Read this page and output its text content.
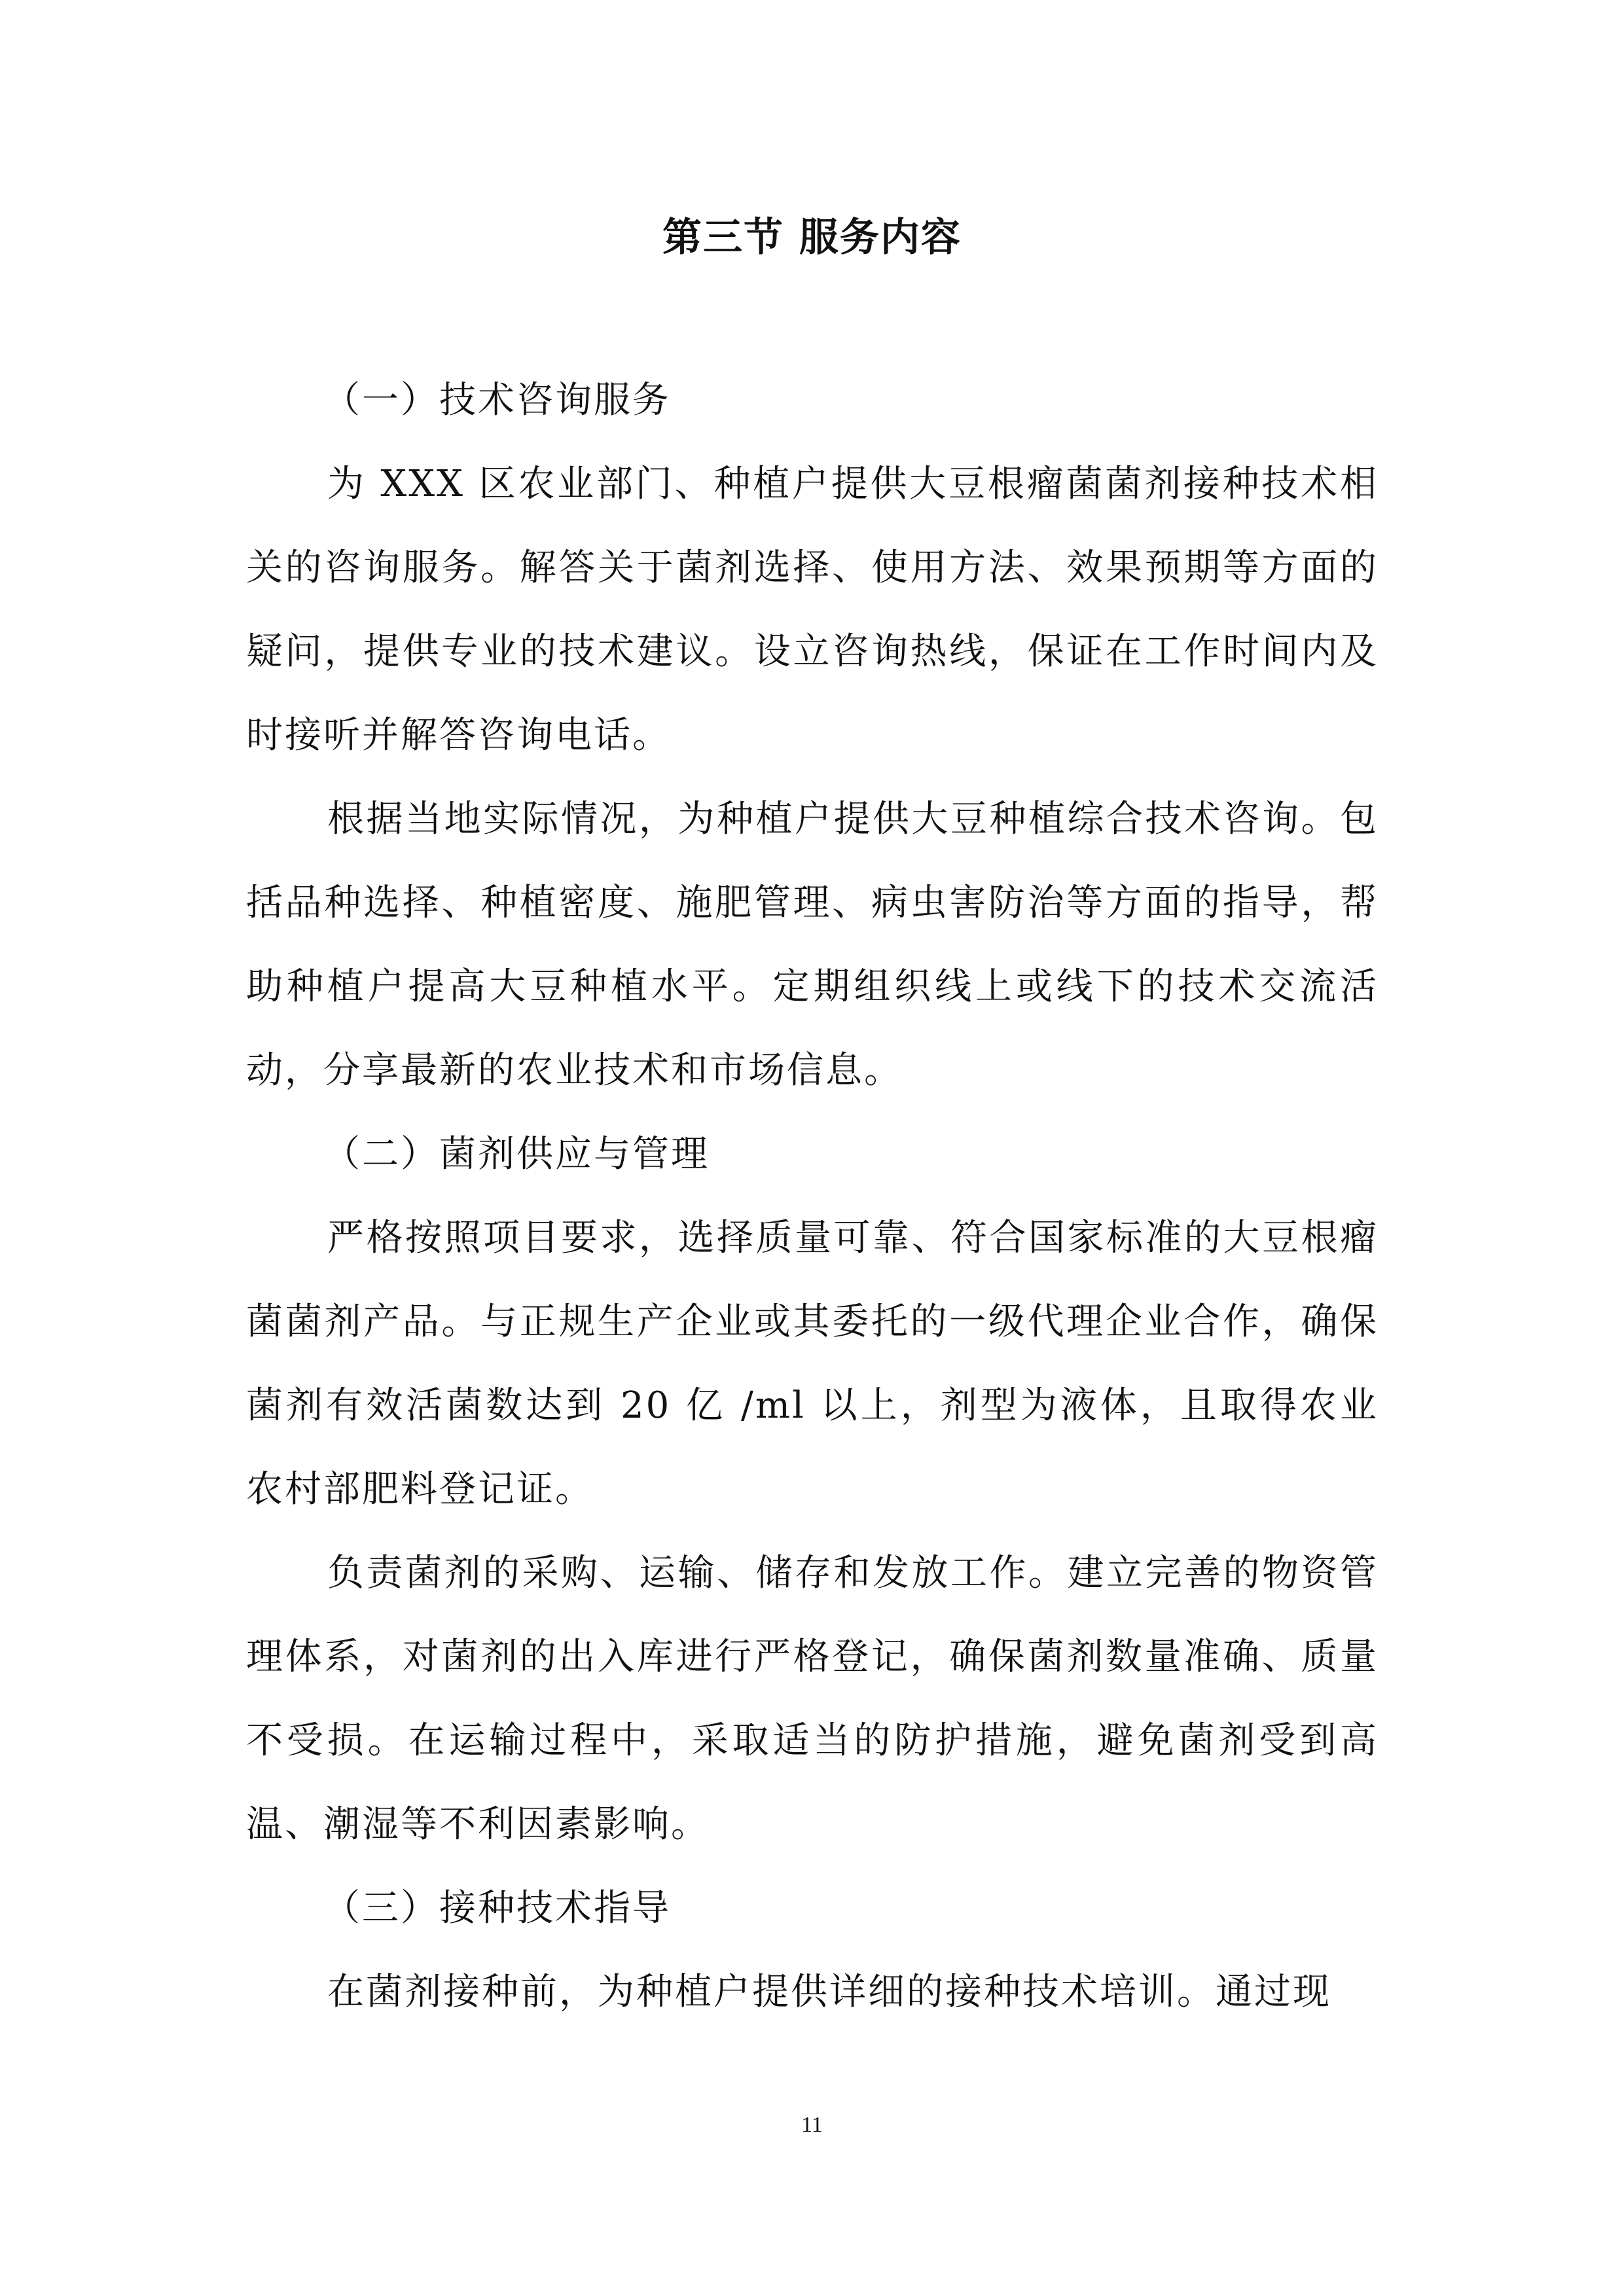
第三节 服务内容
（一）技术咨询服务

为 XXX 区农业部门、种植户提供大豆根瘤菌菌剂接种技术相关的咨询服务。解答关于菌剂选择、使用方法、效果预期等方面的疑问，提供专业的技术建议。设立咨询热线，保证在工作时间内及时接听并解答咨询电话。

根据当地实际情况，为种植户提供大豆种植综合技术咨询。包括品种选择、种植密度、施肥管理、病虫害防治等方面的指导，帮助种植户提高大豆种植水平。定期组织线上或线下的技术交流活动，分享最新的农业技术和市场信息。

（二）菌剂供应与管理

严格按照项目要求，选择质量可靠、符合国家标准的大豆根瘤菌菌剂产品。与正规生产企业或其委托的一级代理企业合作，确保菌剂有效活菌数达到 20 亿 /ml 以上，剂型为液体，且取得农业农村部肥料登记证。

负责菌剂的采购、运输、储存和发放工作。建立完善的物资管理体系，对菌剂的出入库进行严格登记，确保菌剂数量准确、质量不受损。在运输过程中，采取适当的防护措施，避免菌剂受到高温、潮湿等不利因素影响。

（三）接种技术指导

在菌剂接种前，为种植户提供详细的接种技术培训。通过现

11
